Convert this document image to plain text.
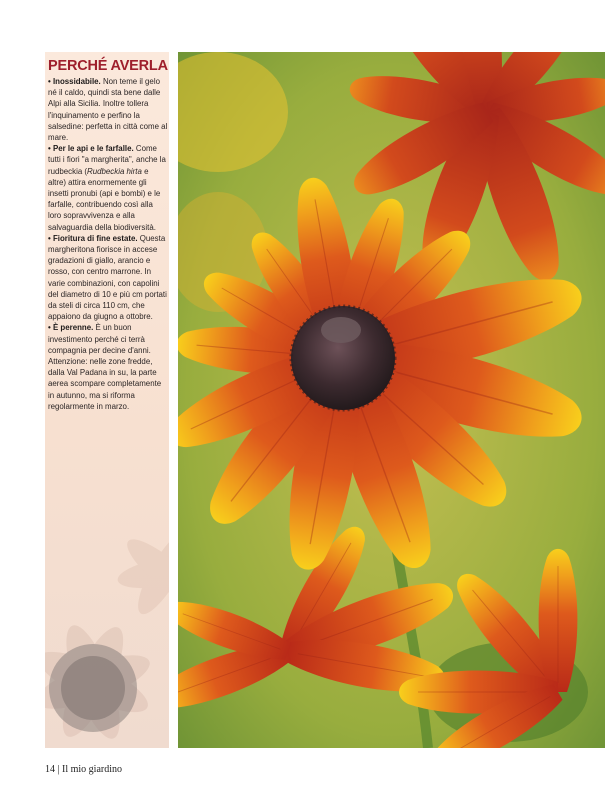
PERCHÉ AVERLA

• Inossidabile. Non teme il gelo né il caldo, quindi sta bene dalle Alpi alla Sicilia. Inoltre tollera l'inquinamento e perfino la salsedine: perfetta in città come al mare.

• Per le api e le farfalle. Come tutti i fiori "a margherita", anche la rudbeckia (Rudbeckia hirta e altre) attira enormemente gli insetti pronubi (api e bombi) e le farfalle, contribuendo così alla loro sopravvivenza e alla salvaguardia della biodiversità.

• Fioritura di fine estate. Questa margheritona fiorisce in accese gradazioni di giallo, arancio e rosso, con centro marrone. In varie combinazioni, con capolini del diametro di 10 e più cm portati da steli di circa 110 cm, che appaiono da giugno a ottobre.

• È perenne. È un buon investimento perché ci terrà compagnia per decine d'anni. Attenzione: nelle zone fredde, dalla Val Padana in su, la parte aerea scompare completamente in autunno, ma si riforma regolarmente in marzo.

14 | Il mio giardino
